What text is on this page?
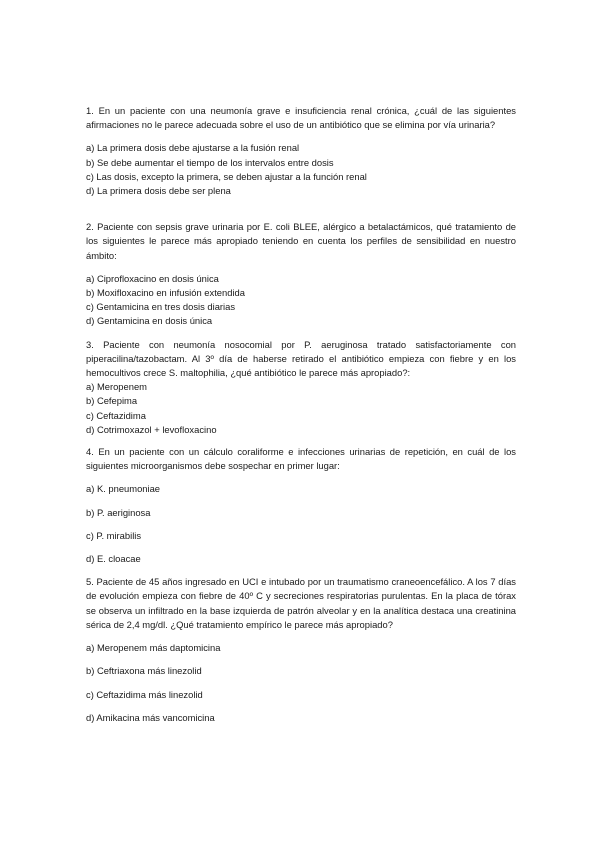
1. En un paciente con una neumonía grave e insuficiencia renal crónica, ¿cuál de las siguientes afirmaciones no le parece adecuada sobre el uso de un antibiótico que se elimina por vía urinaria?

a) La primera dosis debe ajustarse a la fusión renal
b) Se debe aumentar el tiempo de los intervalos entre dosis
c) Las dosis, excepto la primera, se deben ajustar a la función renal
d) La primera dosis debe ser plena

2. Paciente con sepsis grave urinaria por E. coli BLEE, alérgico a betalactámicos, qué tratamiento de los siguientes le parece más apropiado teniendo en cuenta los perfiles de sensibilidad en nuestro ámbito:

a) Ciprofloxacino en dosis única
b) Moxifloxacino en infusión extendida
c) Gentamicina en tres dosis diarias
d) Gentamicina en dosis única

3. Paciente con neumonía nosocomial por P. aeruginosa tratado satisfactoriamente con piperacilina/tazobactam. Al 3º día de haberse retirado el antibiótico empieza con fiebre y en los hemocultivos crece S. maltophilia, ¿qué antibiótico le parece más apropiado?:

a) Meropenem
b) Cefepima
c) Ceftazidima
d) Cotrimoxazol + levofloxacino

4. En un paciente con un cálculo coraliforme e infecciones urinarias de repetición, en cuál de los siguientes microorganismos debe sospechar en primer lugar:

a) K. pneumoniae
b) P. aeriginosa
c) P. mirabilis
d) E. cloacae

5. Paciente de 45 años ingresado en UCI e intubado por un traumatismo craneoencefálico. A los 7 días de evolución empieza con fiebre de 40º C y secreciones respiratorias purulentas. En la placa de tórax se observa un infiltrado en la base izquierda de patrón alveolar y en la analítica destaca una creatinina sérica de 2,4 mg/dl. ¿Qué tratamiento empírico le parece más apropiado?

a) Meropenem más daptomicina
b) Ceftriaxona más linezolid
c) Ceftazidima más linezolid
d) Amikacina más vancomicina
